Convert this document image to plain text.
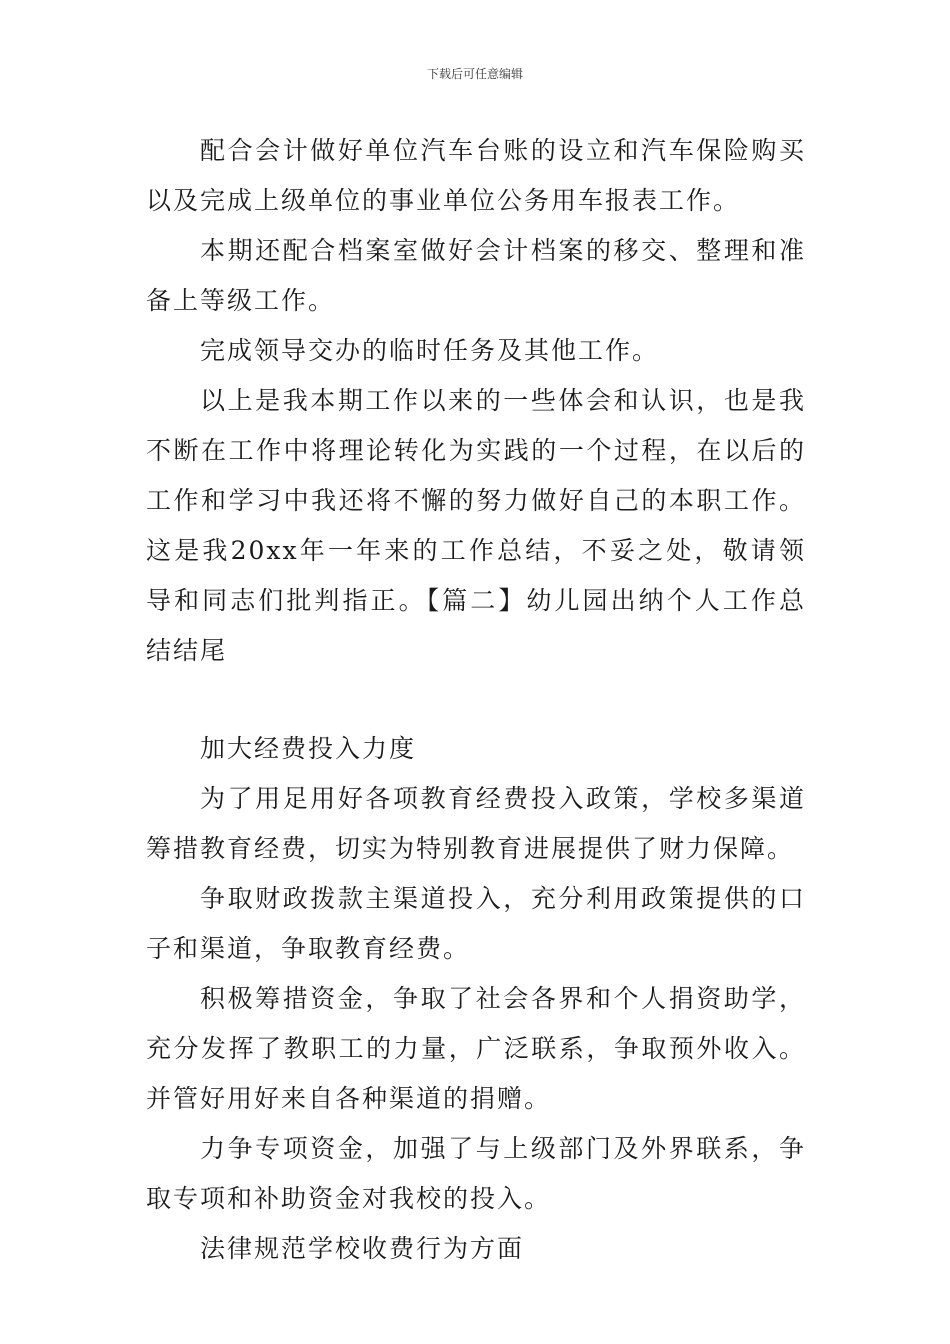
下载后可任意编辑

配合会计做好单位汽车台账的设立和汽车保险购买以及完成上级单位的事业单位公务用车报表工作。

本期还配合档案室做好会计档案的移交、整理和准备上等级工作。

完成领导交办的临时任务及其他工作。

以上是我本期工作以来的一些体会和认识，也是我不断在工作中将理论转化为实践的一个过程，在以后的工作和学习中我还将不懈的努力做好自己的本职工作。这是我20xx年一年来的工作总结，不妥之处，敬请领导和同志们批判指正。【篇二】幼儿园出纳个人工作总结结尾

加大经费投入力度

为了用足用好各项教育经费投入政策，学校多渠道筹措教育经费，切实为特别教育进展提供了财力保障。

争取财政拨款主渠道投入，充分利用政策提供的口子和渠道，争取教育经费。

积极筹措资金，争取了社会各界和个人捐资助学，充分发挥了教职工的力量，广泛联系，争取预外收入。并管好用好来自各种渠道的捐赠。

力争专项资金，加强了与上级部门及外界联系，争取专项和补助资金对我校的投入。

法律规范学校收费行为方面
